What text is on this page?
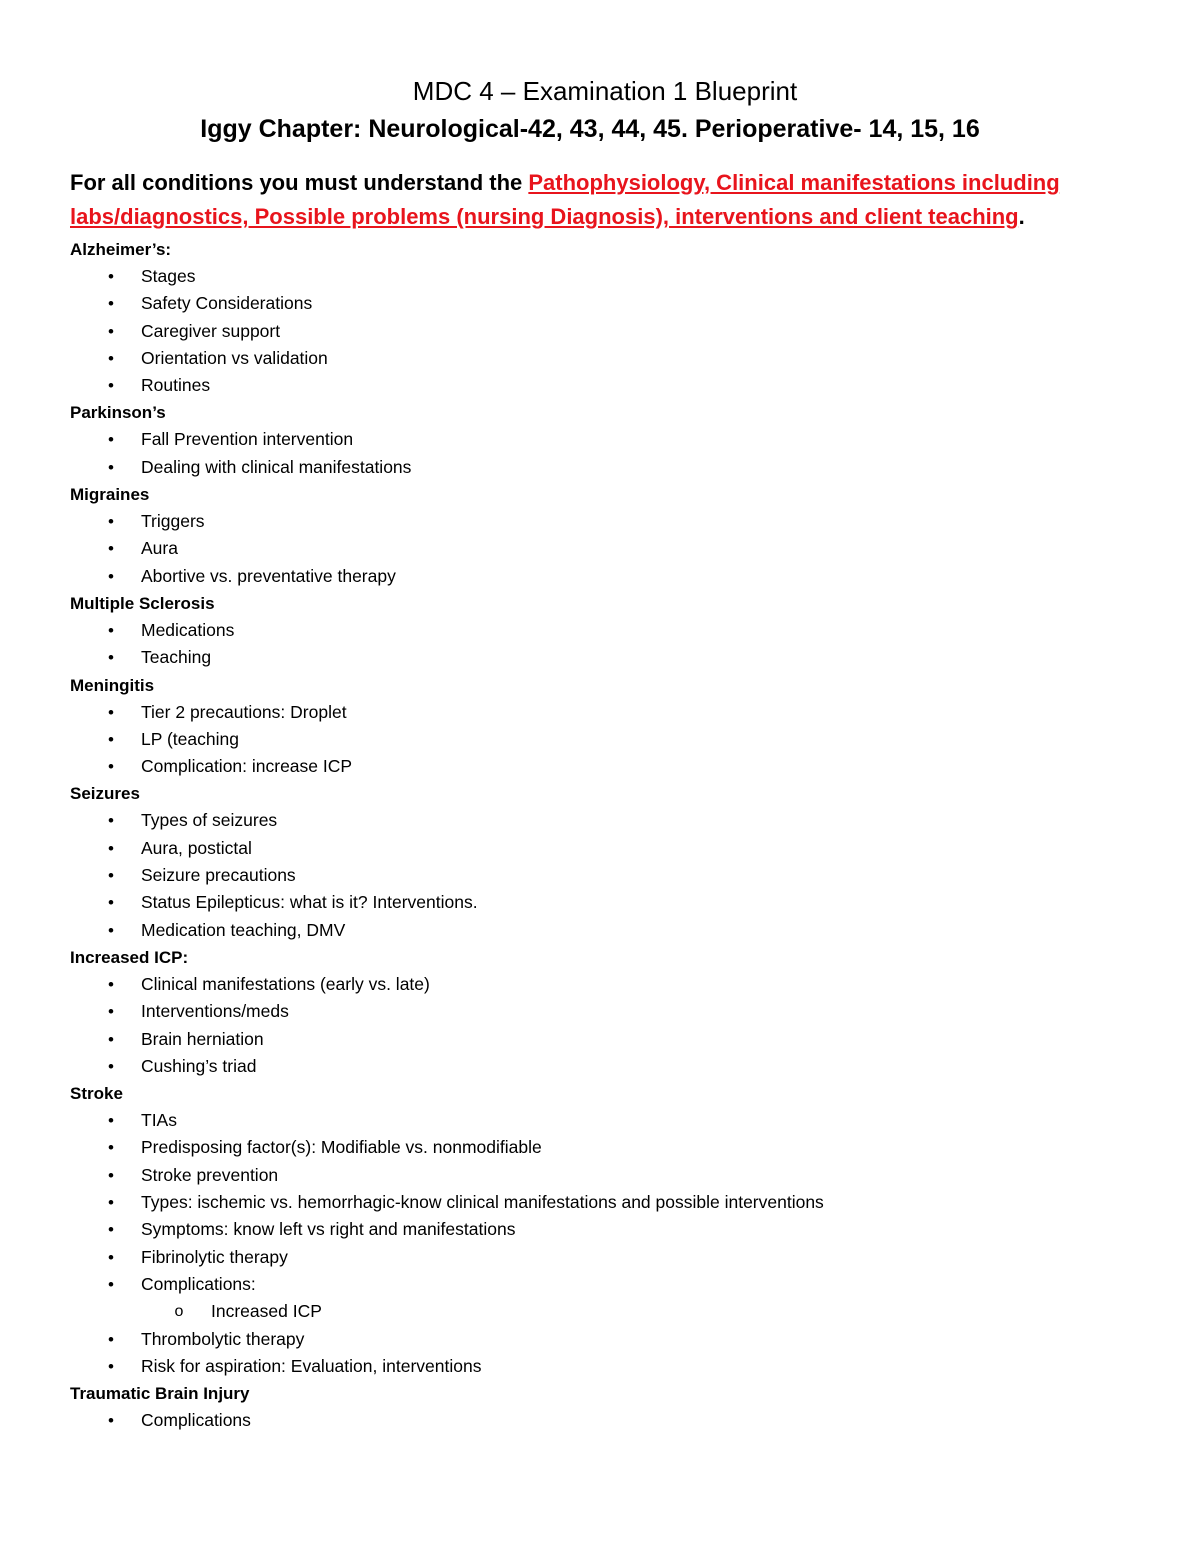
MDC 4 – Examination 1 Blueprint

Iggy Chapter: Neurological-42, 43, 44, 45. Perioperative- 14, 15, 16

For all conditions you must understand the Pathophysiology, Clinical manifestations including labs/diagnostics, Possible problems (nursing Diagnosis), interventions and client teaching.

Alzheimer’s:

• Stages
• Safety Considerations
• Caregiver support
• Orientation vs validation
• Routines

Parkinson’s

• Fall Prevention intervention
• Dealing with clinical manifestations

Migraines

• Triggers
• Aura
• Abortive vs. preventative therapy

Multiple Sclerosis

• Medications
• Teaching

Meningitis

• Tier 2 precautions: Droplet
• LP (teaching
• Complication: increase ICP

Seizures

• Types of seizures
• Aura, postictal
• Seizure precautions
• Status Epilepticus: what is it? Interventions.
• Medication teaching, DMV

Increased ICP:

• Clinical manifestations (early vs. late)
• Interventions/meds
• Brain herniation
• Cushing’s triad

Stroke

• TIAs
• Predisposing factor(s): Modifiable vs. nonmodifiable
• Stroke prevention
• Types: ischemic vs. hemorrhagic-know clinical manifestations and possible interventions
• Symptoms: know left vs right and manifestations
• Fibrinolytic therapy
• Complications:
o Increased ICP
• Thrombolytic therapy
• Risk for aspiration: Evaluation, interventions

Traumatic Brain Injury

• Complications
